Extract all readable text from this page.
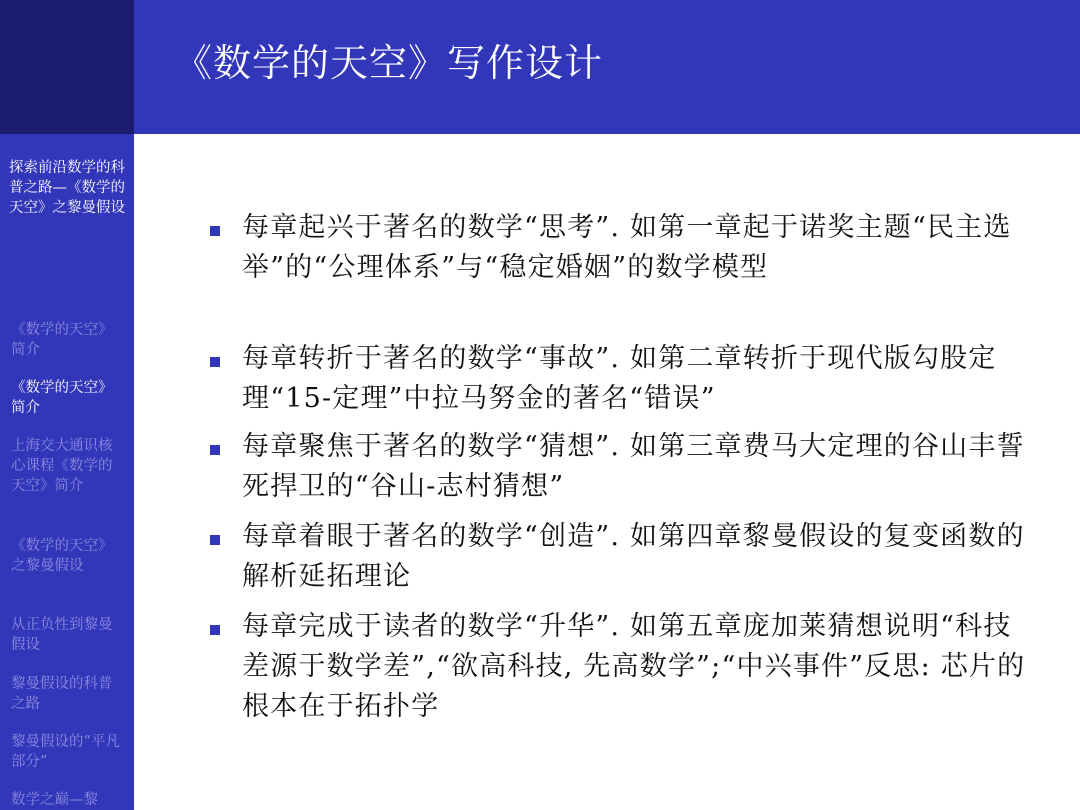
《数学的天空》写作设计
探索前沿数学的科普之路—《数学的天空》之黎曼假设
《数学的天空》简介
《数学的天空》简介
上海交大通识核心课程《数学的天空》简介
《数学的天空》之黎曼假设
从正负性到黎曼假设
黎曼假设的科普之路
黎曼假设的“平凡部分”
数学之巅—黎
每章起兴于著名的数学“思考”. 如第一章起于诺奖主题“民主选举”的“公理体系”与“稳定婚姻”的数学模型
每章转折于著名的数学“事故”. 如第二章转折于现代版勾股定理“15-定理”中拉马努金的著名“错误”
每章聚焦于著名的数学“猜想”. 如第三章费马大定理的谷山丰誓死捍卫的“谷山-志村猜想”
每章着眼于著名的数学“创造”. 如第四章黎曼假设的复变函数的解析延拓理论
每章完成于读者的数学“升华”. 如第五章庞加莱猜想说明“科技差源于数学差”,“欲高科技, 先高数学”;“中兴事件”反思: 芯片的根本在于拓扑学
